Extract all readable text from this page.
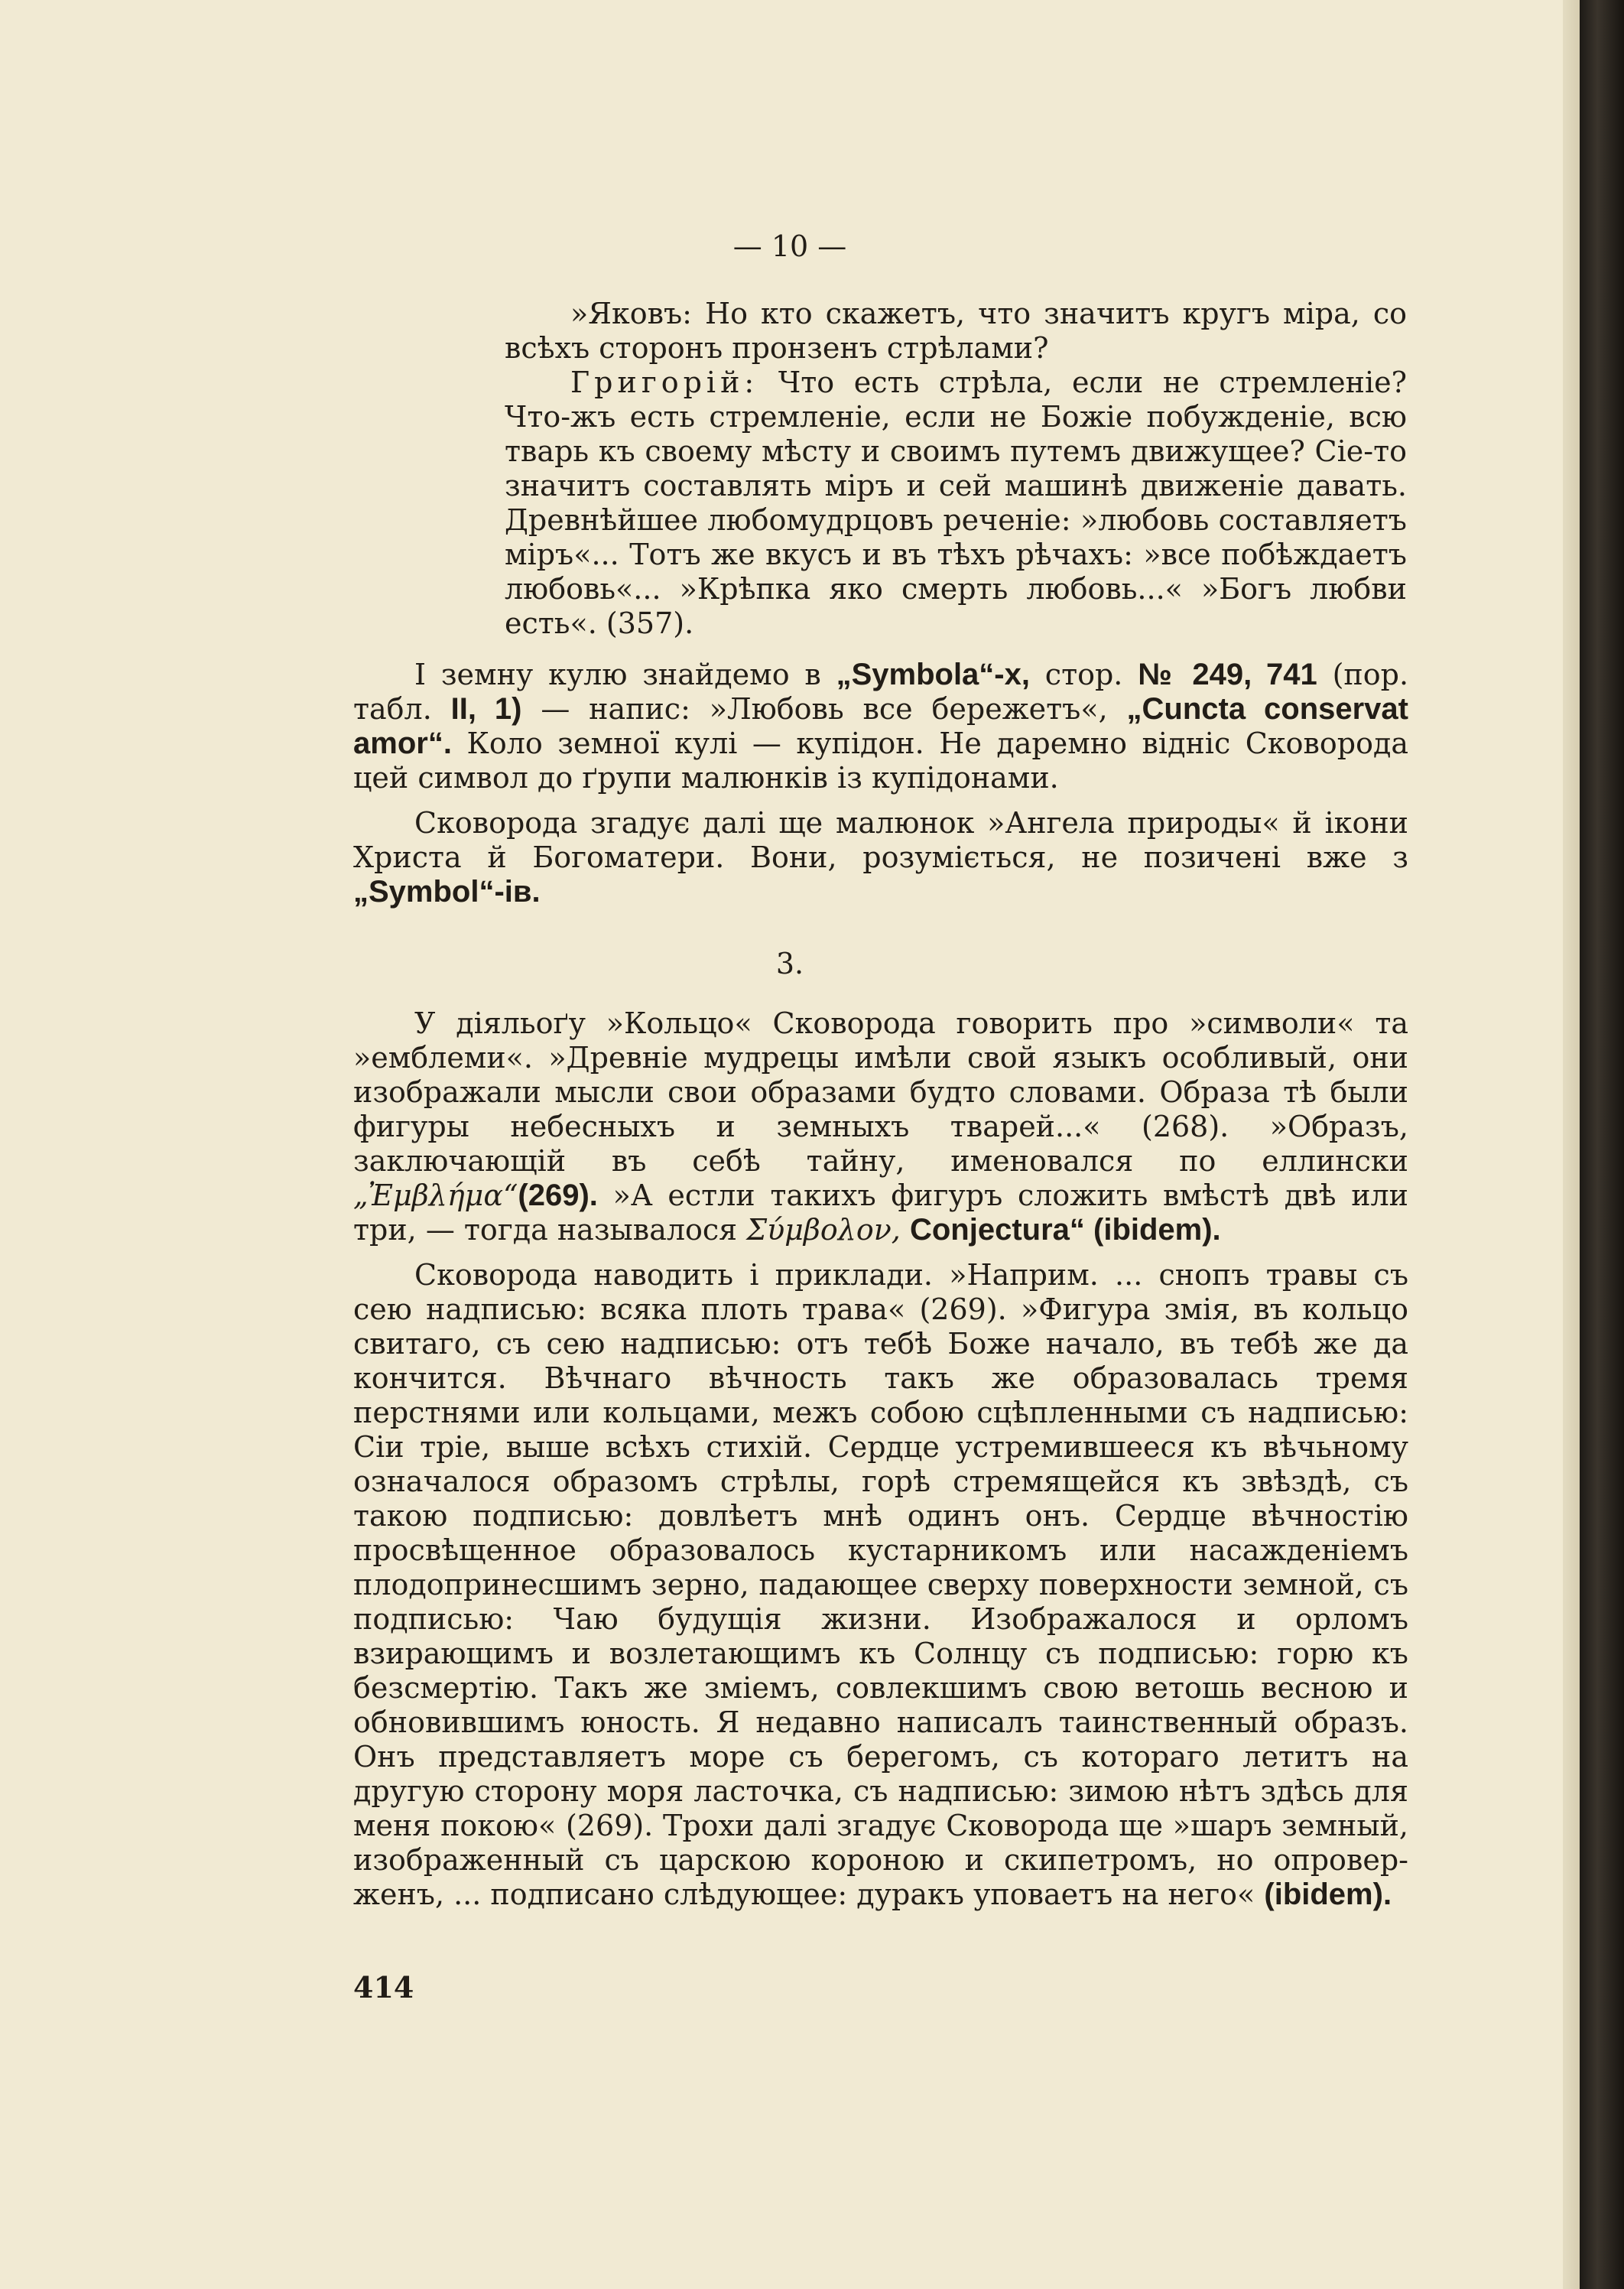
— 10 —

»Яковъ: Но кто скажетъ, что значитъ кругъ міра, со всѣхъ сторонъ пронзенъ стрѣлами?

Григорій: Что есть стрѣла, если не стремленіе? Что-жъ есть стремленіе, если не Божіе побужденіе, всю тварь къ своему мѣсту и своимъ путемъ движущее? Сіе-то значитъ составлять міръ и сей машинѣ движеніе давать. Древнѣйшее любомудрцовъ реченіе: »любовь составляетъ міръ«... Тотъ же вкусъ и въ тѣхъ рѣчахъ: »все побѣждаетъ любовь«... »Крѣпка яко смерть любовь...« »Богъ любви есть«. (357).

І земну кулю знайдемо в „Symbola“-х, стор. № 249, 741 (пор. табл. II, 1) — напис: »Любовь все бережетъ«, „Cuncta conservat amor“. Коло земної кулі — купідон. Не даремно відніс Сковорода цей символ до ґрупи малюнків із купідонами.

Сковорода згадує далі ще малюнок »Ангела природы« й ікони Христа й Богоматери. Вони, розуміється, не позичені вже з „Symbol“-ів.

3.

У діяльоґу »Кольцо« Сковорода говорить про »символи« та »емблеми«. »Древніе мудрецы имѣли свой языкъ особливый, они изображали мысли свои образами будто словами. Образа тѣ были фигуры небесныхъ и земныхъ тварей...« (268). »Образъ, заключающій въ себѣ тайну, именовался по еллински „Ἐμβλήμα“(269). »А естли такихъ фигуръ сложить вмѣстѣ двѣ или три, — тогда называлося Σύμβολον, Conjectura“ (ibidem).

Сковорода наводить і приклади. »Наприм. ... снопъ травы съ сею надписью: всяка плоть трава« (269). »Фигура змія, въ кольцо свитаго, съ сею надписью: отъ тебѣ Боже начало, въ тебѣ же да кончится. Вѣчнаго вѣчность такъ же образовалась тремя перстнями или кольцами, межъ собою сцѣпленными съ надписью: Сіи тріе, выше всѣхъ стихій. Сердце устремившееся къ вѣчьному означалося образомъ стрѣлы, горѣ стремящейся къ звѣздѣ, съ такою подписью: довлѣетъ мнѣ одинъ онъ. Сердце вѣчностію просвѣщенное образовалось кустарникомъ или насажденіемъ плодопринесшимъ зерно, падающее сверху поверхности земной, съ подписью: Чаю будущія жизни. Изображалося и орломъ взирающимъ и возлетающимъ къ Солнцу съ подписью: горю къ безсмертію. Такъ же зміемъ, совлекшимъ свою ветошь весною и обновившимъ юность. Я недавно написалъ таинственный образъ. Онъ представляетъ море съ берегомъ, съ котораго летитъ на другую сторону моря ласточка, съ надписью: зимою нѣтъ здѣсь для меня покою« (269). Трохи далі згадує Сковорода ще »шаръ земный, изображенный съ царскою короною и скипетромъ, но опроверженъ, ... подписано слѣдующее: дуракъ уповаетъ на него« (ibidem).

414
